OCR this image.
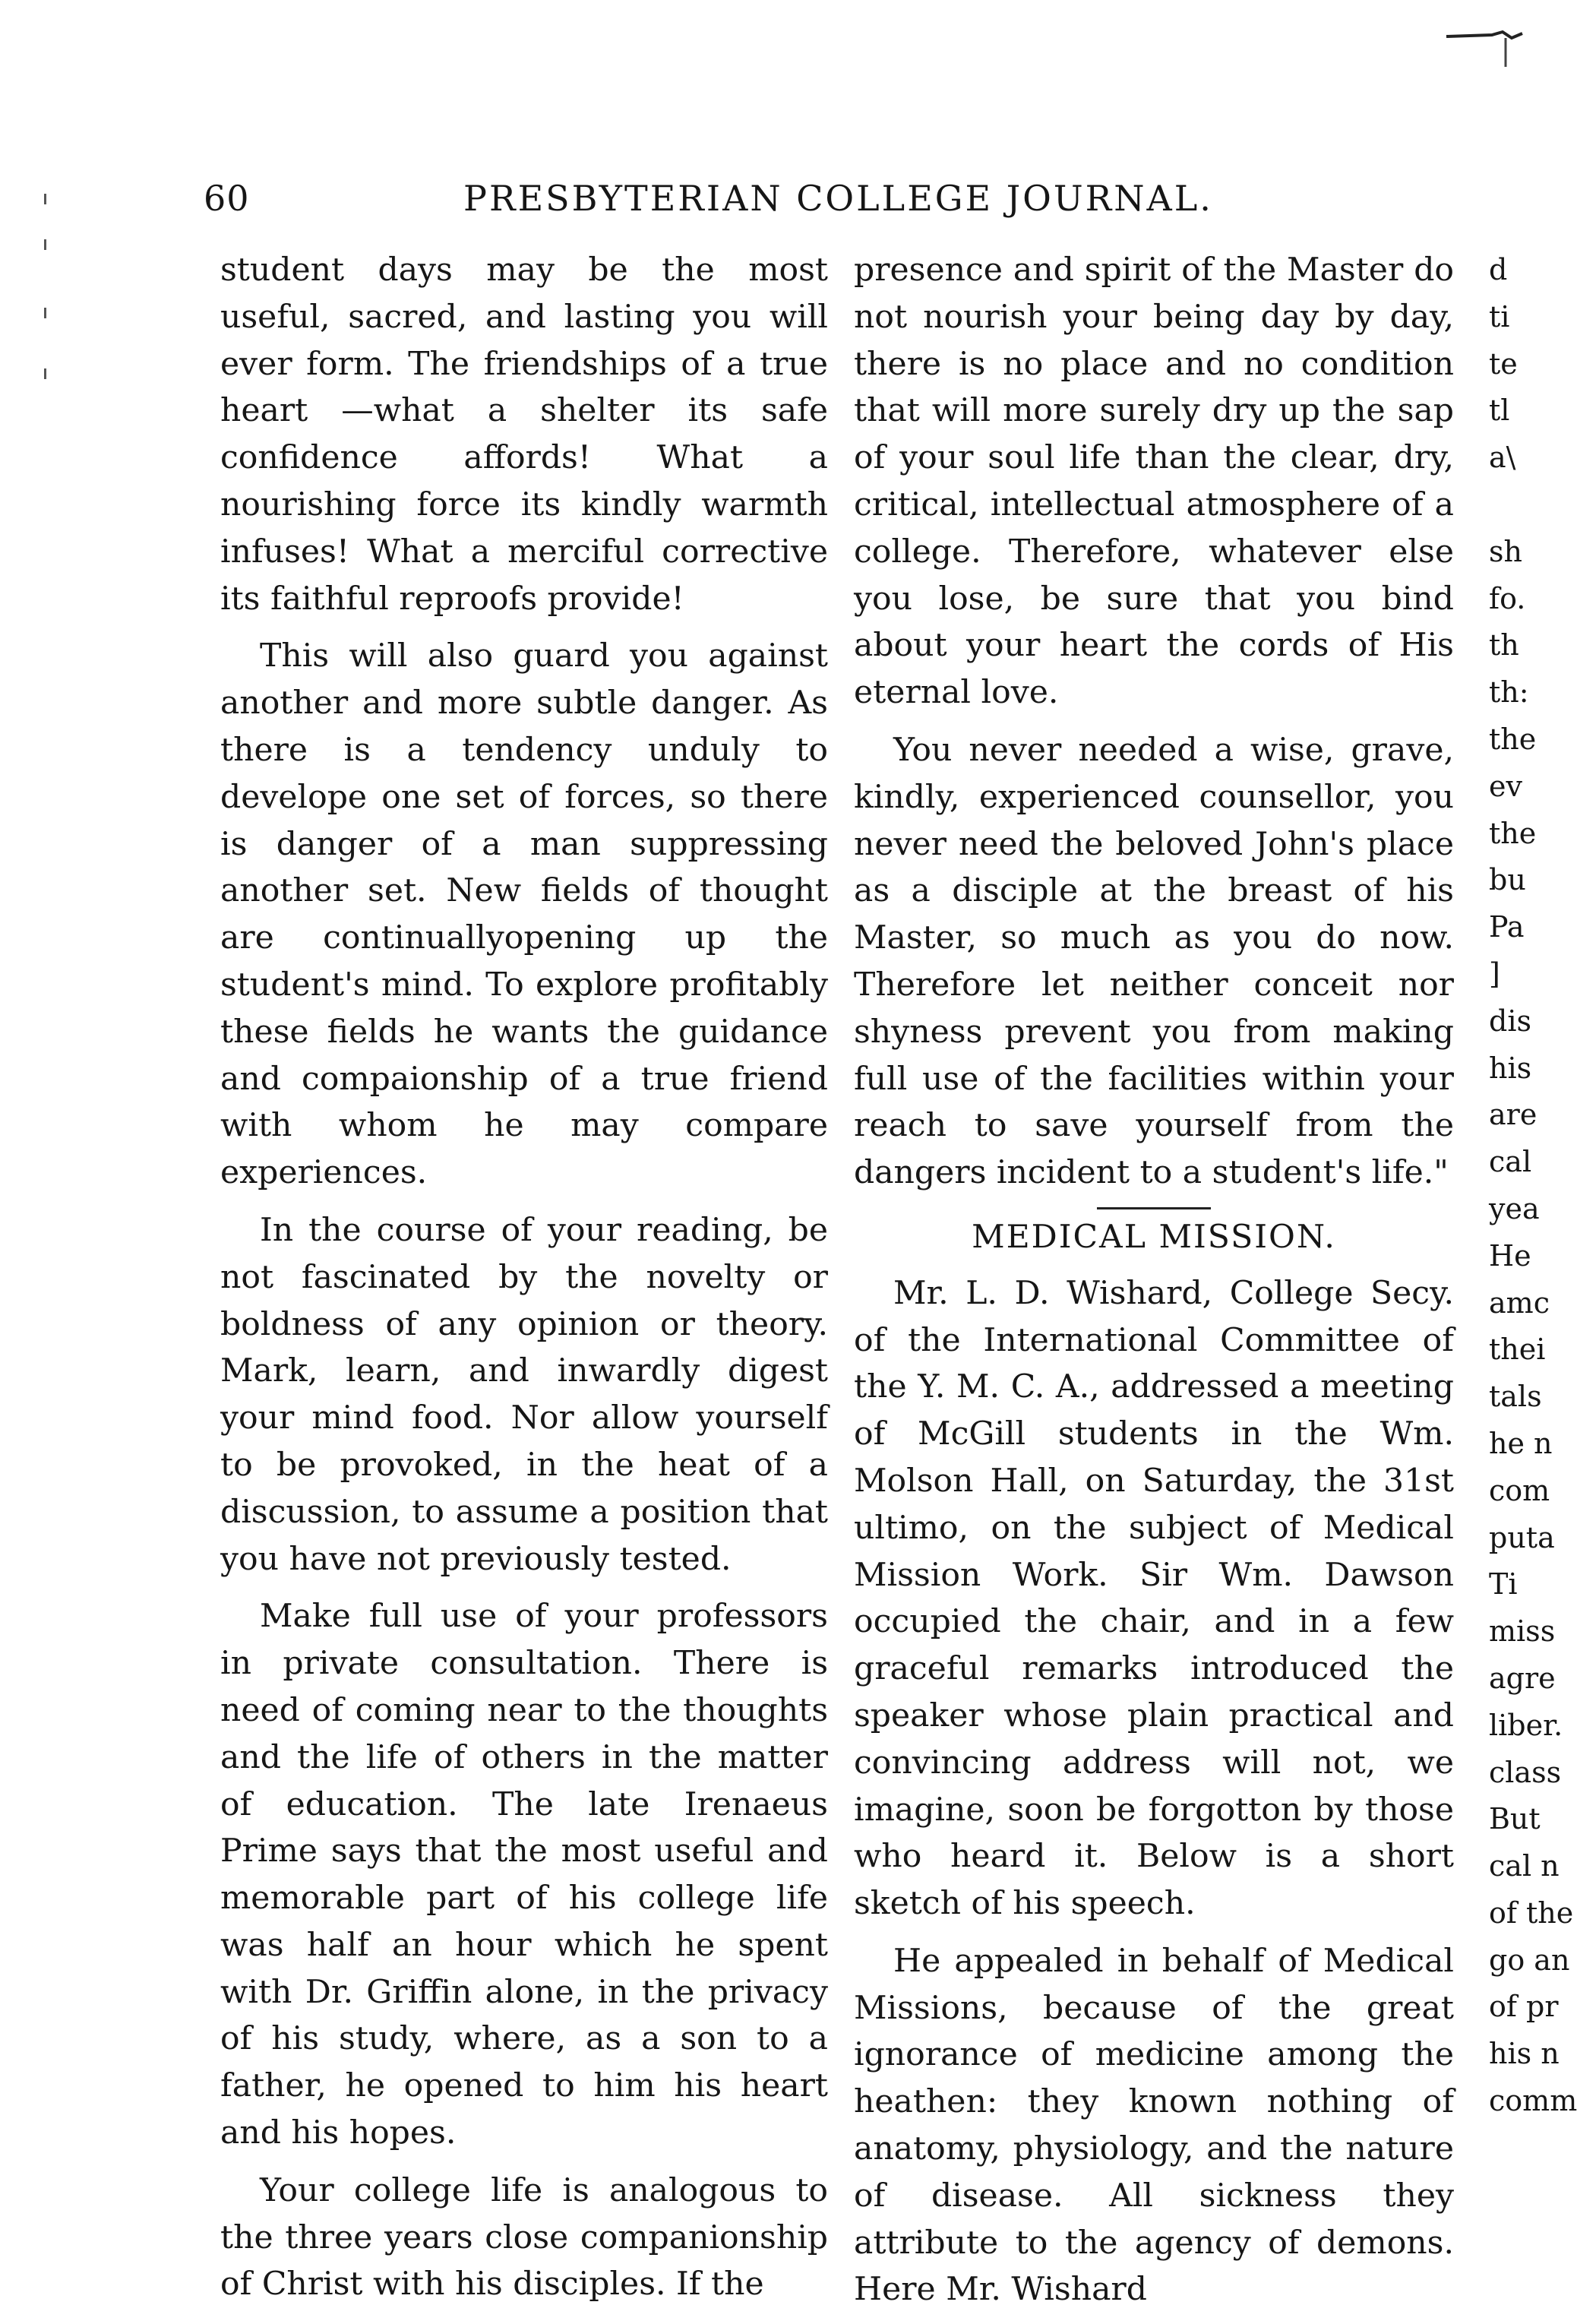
60	PRESBYTERIAN COLLEGE JOURNAL.

student days may be the most useful, sacred, and lasting you will ever form. The friendships of a true heart —what a shelter its safe confidence affords! What a nourishing force its kindly warmth infuses! What a merciful corrective its faithful reproofs provide!

This will also guard you against another and more subtle danger. As there is a tendency unduly to develope one set of forces, so there is danger of a man suppressing another set. New fields of thought are continuallyopening up the student's mind. To explore profitably these fields he wants the guidance and compaionship of a true friend with whom he may compare experiences.

In the course of your reading, be not fascinated by the novelty or boldness of any opinion or theory. Mark, learn, and inwardly digest your mind food. Nor allow yourself to be provoked, in the heat of a discussion, to assume a position that you have not previously tested.

Make full use of your professors in private consultation. There is need of coming near to the thoughts and the life of others in the matter of education. The late Irenaeus Prime says that the most useful and memorable part of his college life was half an hour which he spent with Dr. Griffin alone, in the privacy of his study, where, as a son to a father, he opened to him his heart and his hopes.

Your college life is analogous to the three years close companionship of Christ with his disciples. If the

presence and spirit of the Master do not nourish your being day by day, there is no place and no condition that will more surely dry up the sap of your soul life than the clear, dry, critical, intellectual atmosphere of a college. Therefore, whatever else you lose, be sure that you bind about your heart the cords of His eternal love.

You never needed a wise, grave, kindly, experienced counsellor, you never need the beloved John's place as a disciple at the breast of his Master, so much as you do now. Therefore let neither conceit nor shyness prevent you from making full use of the facilities within your reach to save yourself from the dangers incident to a student's life."

MEDICAL MISSION.

Mr. L. D. Wishard, College Secy. of the International Committee of the Y. M. C. A., addressed a meeting of McGill students in the Wm. Molson Hall, on Saturday, the 31st ultimo, on the subject of Medical Mission Work. Sir Wm. Dawson occupied the chair, and in a few graceful remarks introduced the speaker whose plain practical and convincing address will not, we imagine, soon be forgotton by those who heard it. Below is a short sketch of his speech.

He appealed in behalf of Medical Missions, because of the great ignorance of medicine among the heathen: they known nothing of anatomy, physiology, and the nature of disease. All sickness they attribute to the agency of demons. Here Mr. Wishard

d
ti
te
tl
a\
sh
fo.
th
th:
the
ev
the
bu
Pa
]
dis
his
are
cal
yea
He
amc
thei
tals
he n
com
puta
Ti
miss
agre
liber.
class
But
cal n
of the
go an
of pr
his n
comm
